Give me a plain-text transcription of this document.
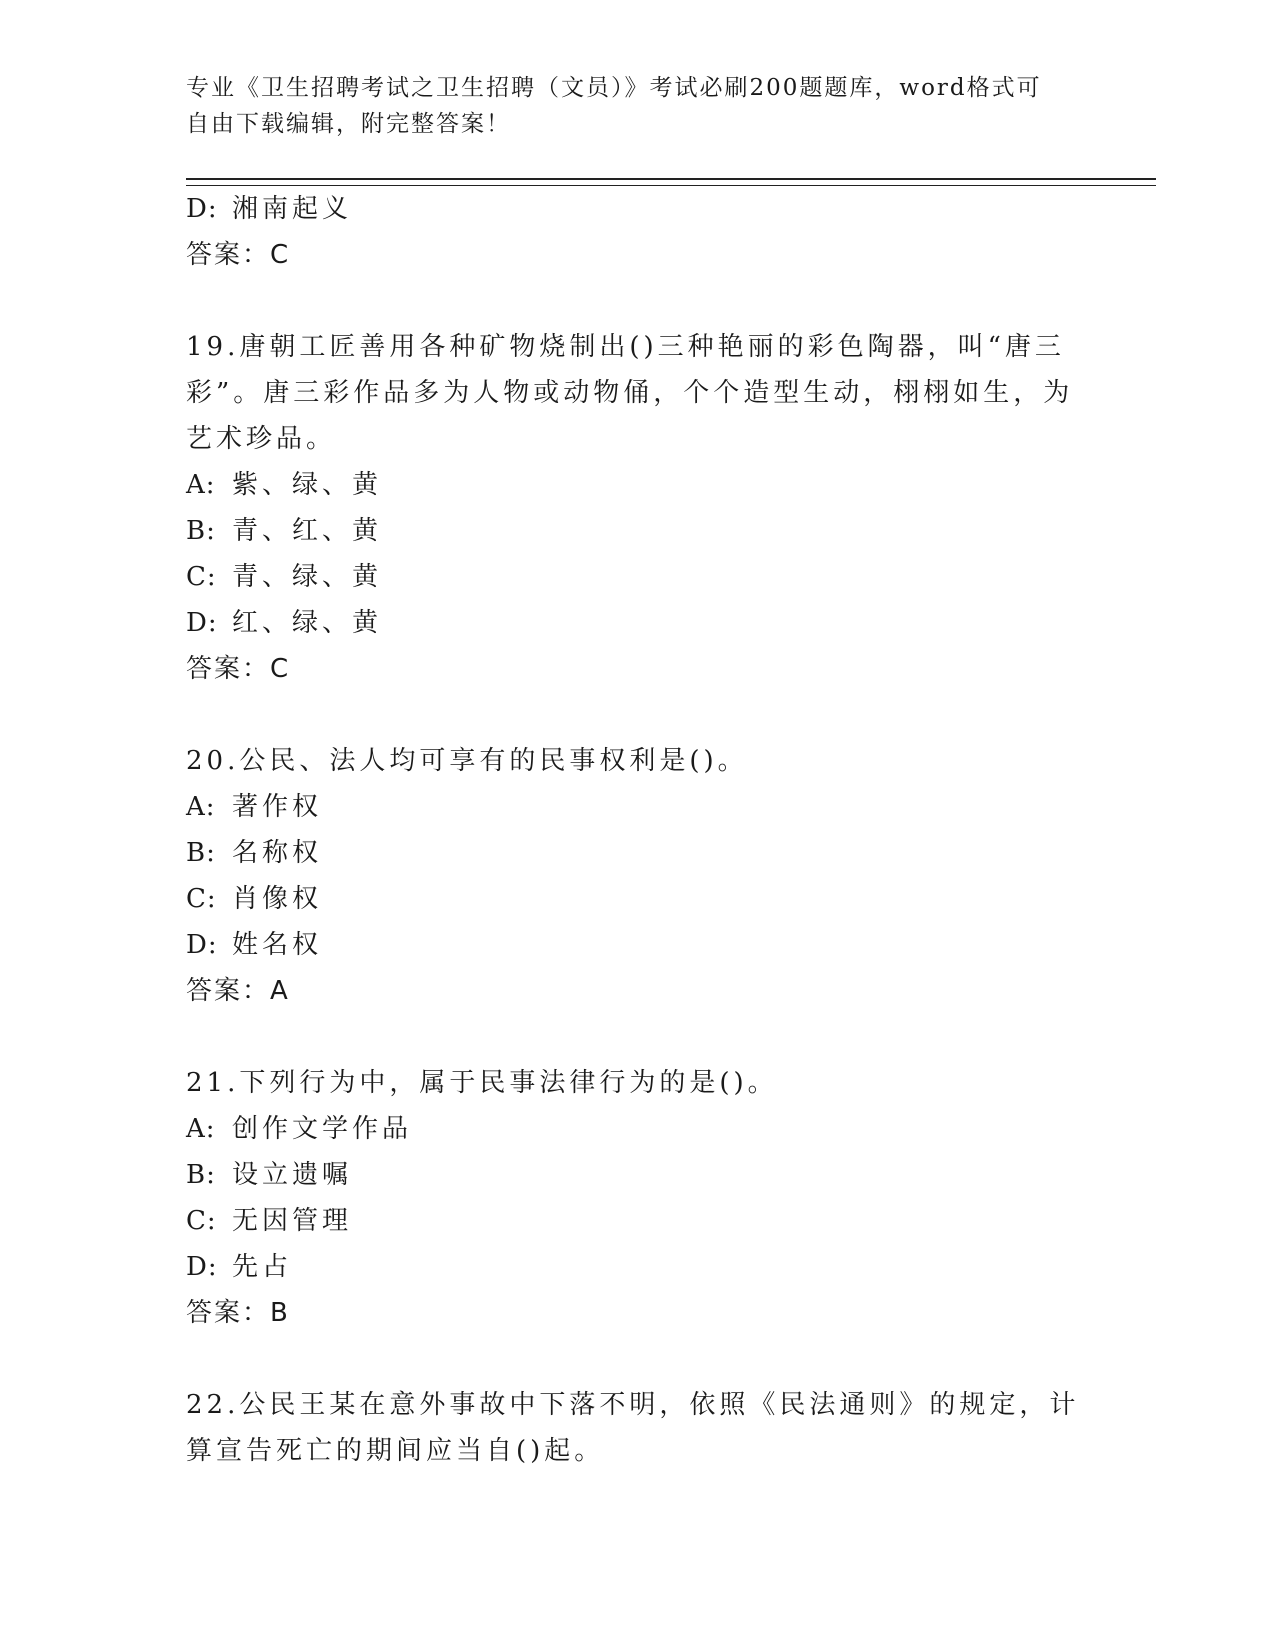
专业《卫生招聘考试之卫生招聘（文员）》考试必刷200题题库，word格式可自由下载编辑，附完整答案！
D: 湘南起义
答案：C
19.唐朝工匠善用各种矿物烧制出()三种艳丽的彩色陶器，叫“唐三彩”。唐三彩作品多为人物或动物俑，个个造型生动，栩栩如生，为艺术珍品。
A: 紫、绿、黄
B: 青、红、黄
C: 青、绿、黄
D: 红、绿、黄
答案：C
20.公民、法人均可享有的民事权利是()。
A: 著作权
B: 名称权
C: 肖像权
D: 姓名权
答案：A
21.下列行为中，属于民事法律行为的是()。
A: 创作文学作品
B: 设立遗嘱
C: 无因管理
D: 先占
答案：B
22.公民王某在意外事故中下落不明，依照《民法通则》的规定，计算宣告死亡的期间应当自()起。
